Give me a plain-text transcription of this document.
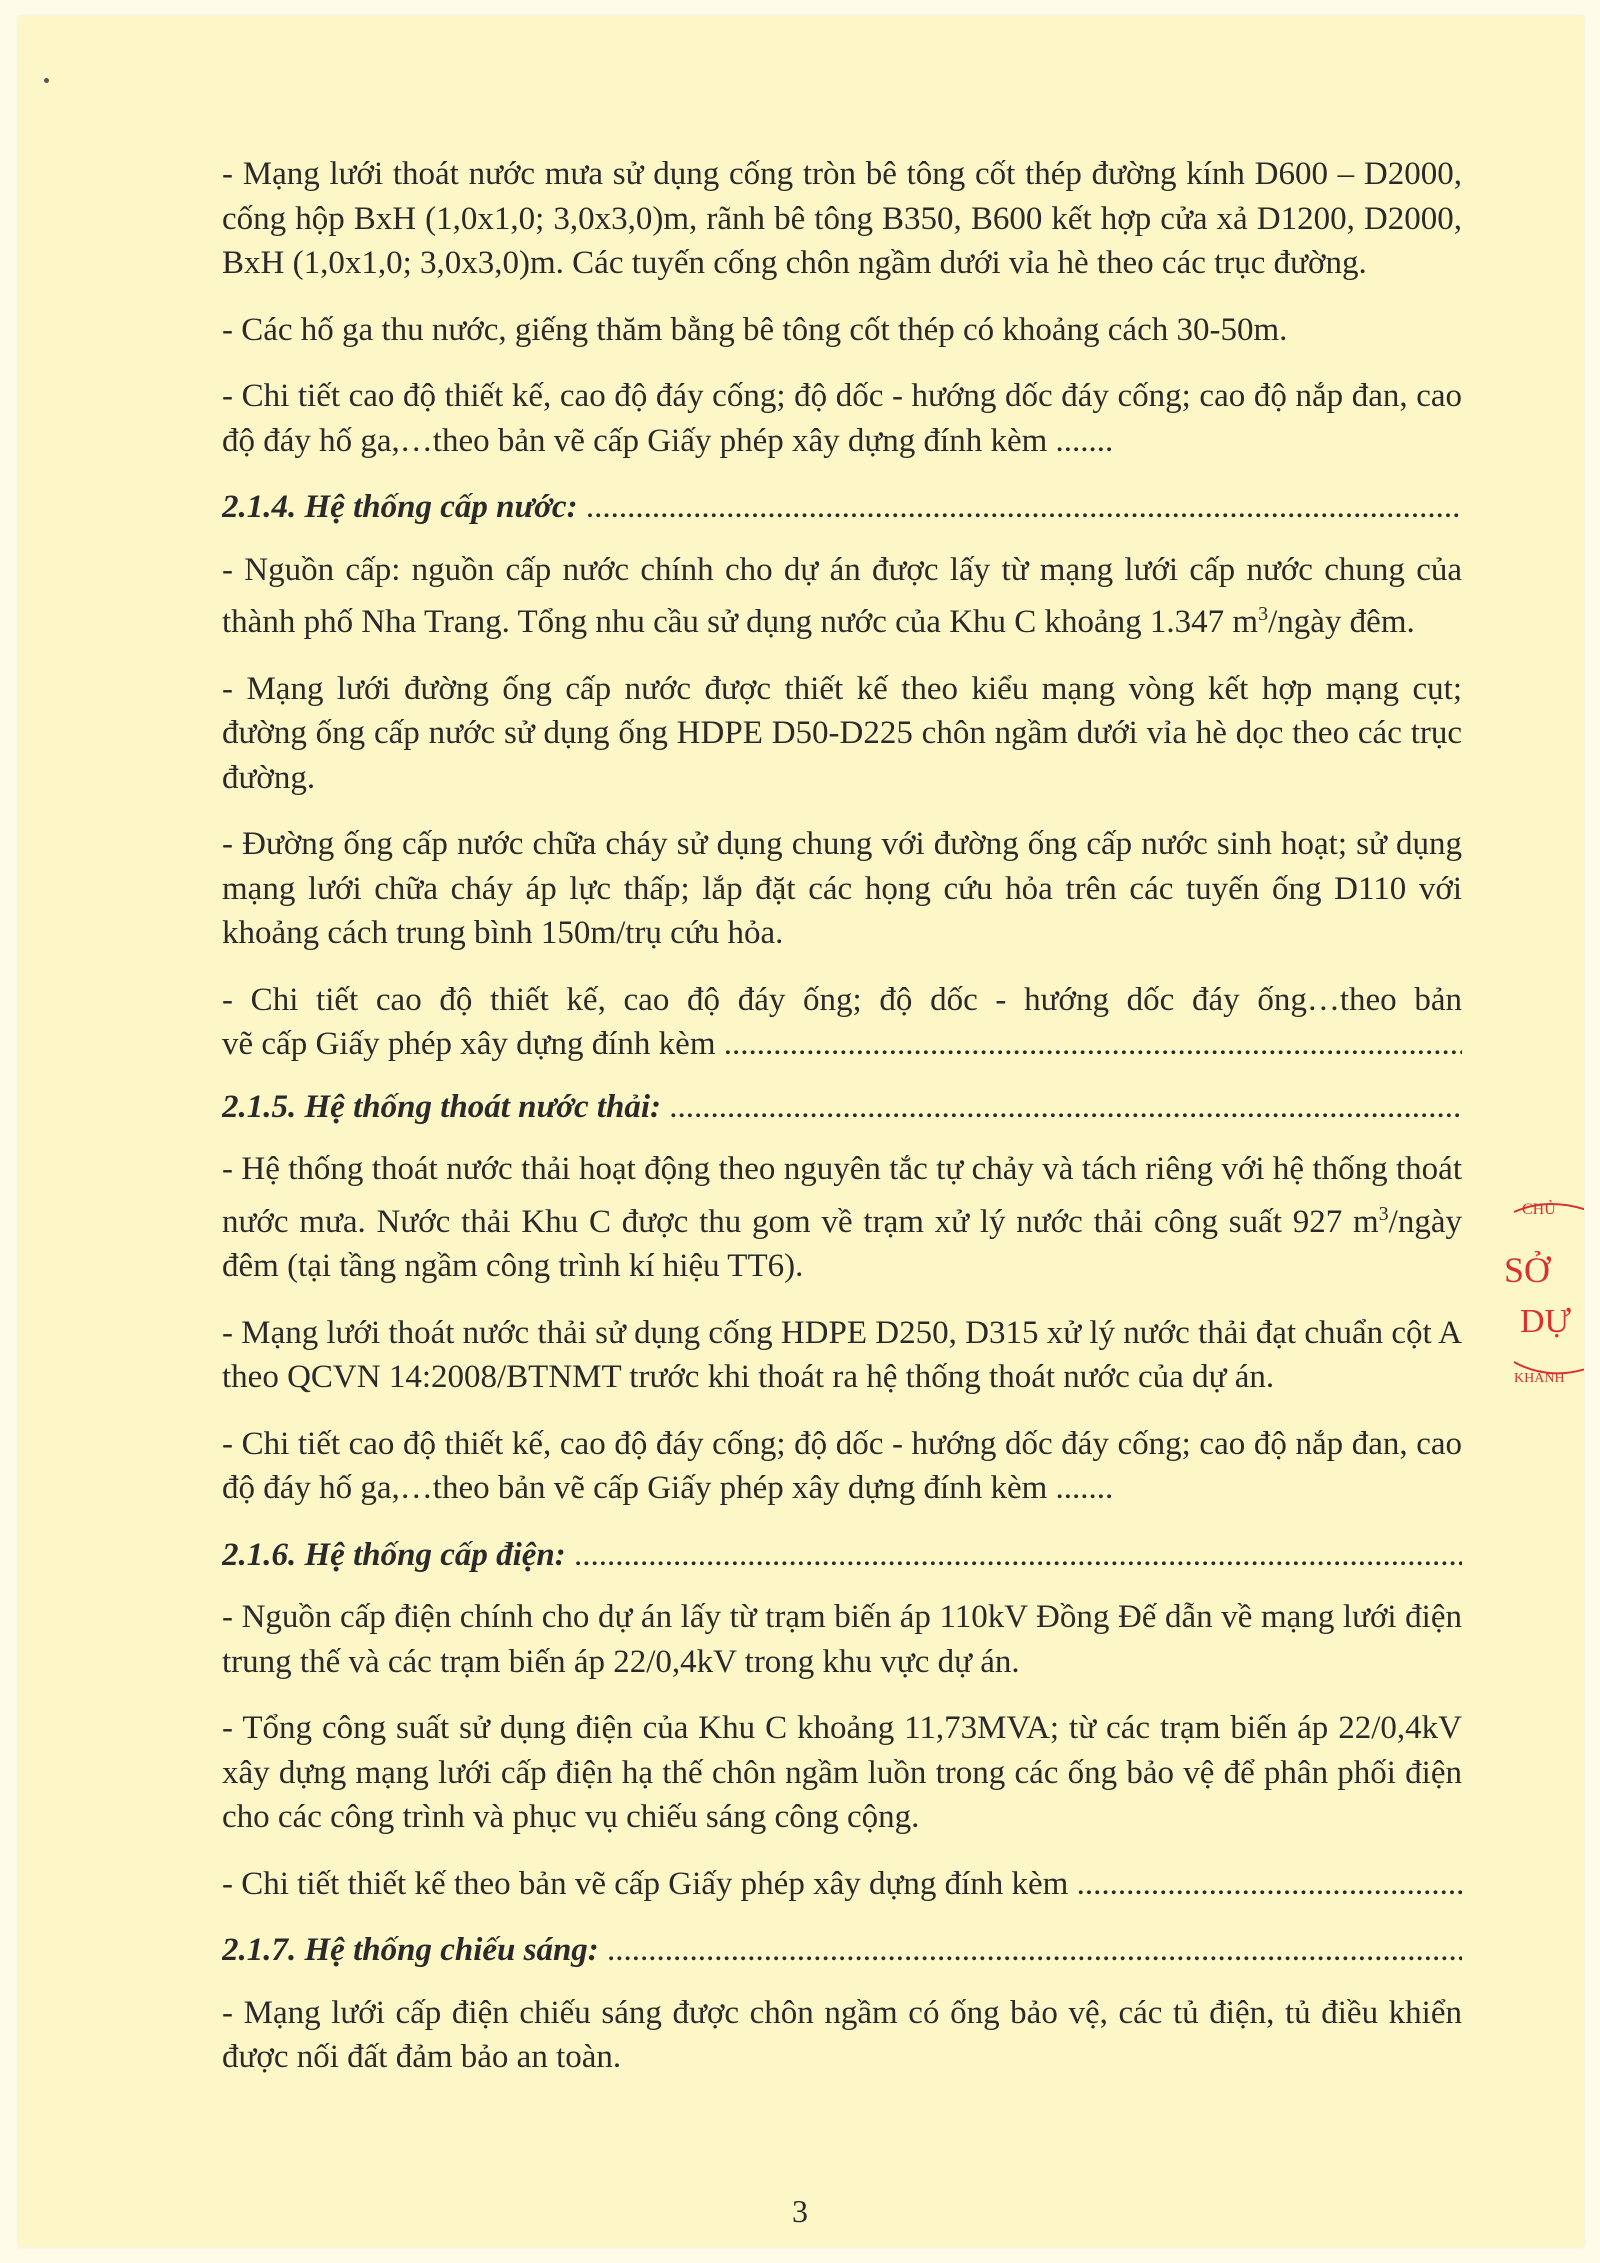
- Mạng lưới thoát nước mưa sử dụng cống tròn bê tông cốt thép đường kính D600 – D2000, cống hộp BxH (1,0x1,0; 3,0x3,0)m, rãnh bê tông B350, B600 kết hợp cửa xả D1200, D2000, BxH (1,0x1,0; 3,0x3,0)m. Các tuyến cống chôn ngầm dưới vỉa hè theo các trục đường.

- Các hố ga thu nước, giếng thăm bằng bê tông cốt thép có khoảng cách 30-50m.

- Chi tiết cao độ thiết kế, cao độ đáy cống; độ dốc - hướng dốc đáy cống; cao độ nắp đan, cao độ đáy hố ga,…theo bản vẽ cấp Giấy phép xây dựng đính kèm .......

2.1.4. Hệ thống cấp nước: .....

- Nguồn cấp: nguồn cấp nước chính cho dự án được lấy từ mạng lưới cấp nước chung của thành phố Nha Trang. Tổng nhu cầu sử dụng nước của Khu C khoảng 1.347 $m^3$/ngày đêm.

- Mạng lưới đường ống cấp nước được thiết kế theo kiểu mạng vòng kết hợp mạng cụt; đường ống cấp nước sử dụng ống HDPE D50-D225 chôn ngầm dưới vỉa hè dọc theo các trục đường.

- Đường ống cấp nước chữa cháy sử dụng chung với đường ống cấp nước sinh hoạt; sử dụng mạng lưới chữa cháy áp lực thấp; lắp đặt các họng cứu hỏa trên các tuyến ống D110 với khoảng cách trung bình 150m/trụ cứu hỏa.

- Chi tiết cao độ thiết kế, cao độ đáy ống; độ dốc - hướng dốc đáy ống…theo bản
vẽ cấp Giấy phép xây dựng đính kèm .....

2.1.5. Hệ thống thoát nước thải: .....

- Hệ thống thoát nước thải hoạt động theo nguyên tắc tự chảy và tách riêng với hệ thống thoát nước mưa. Nước thải Khu C được thu gom về trạm xử lý nước thải công suất 927 $m^3$/ngày đêm (tại tầng ngầm công trình kí hiệu TT6).

- Mạng lưới thoát nước thải sử dụng cống HDPE D250, D315 xử lý nước thải đạt chuẩn cột A theo QCVN 14:2008/BTNMT trước khi thoát ra hệ thống thoát nước của dự án.

- Chi tiết cao độ thiết kế, cao độ đáy cống; độ dốc - hướng dốc đáy cống; cao độ nắp đan, cao độ đáy hố ga,…theo bản vẽ cấp Giấy phép xây dựng đính kèm .......

2.1.6. Hệ thống cấp điện: .....

- Nguồn cấp điện chính cho dự án lấy từ trạm biến áp 110kV Đồng Đế dẫn về mạng lưới điện trung thế và các trạm biến áp 22/0,4kV trong khu vực dự án.

- Tổng công suất sử dụng điện của Khu C khoảng 11,73MVA; từ các trạm biến áp 22/0,4kV xây dựng mạng lưới cấp điện hạ thế chôn ngầm luồn trong các ống bảo vệ để phân phối điện cho các công trình và phục vụ chiếu sáng công cộng.

- Chi tiết thiết kế theo bản vẽ cấp Giấy phép xây dựng đính kèm .....

2.1.7. Hệ thống chiếu sáng: .....

- Mạng lưới cấp điện chiếu sáng được chôn ngầm có ống bảo vệ, các tủ điện, tủ điều khiển được nối đất đảm bảo an toàn.

CHỦ
SỞ
DỰ
KHÁNH
3
